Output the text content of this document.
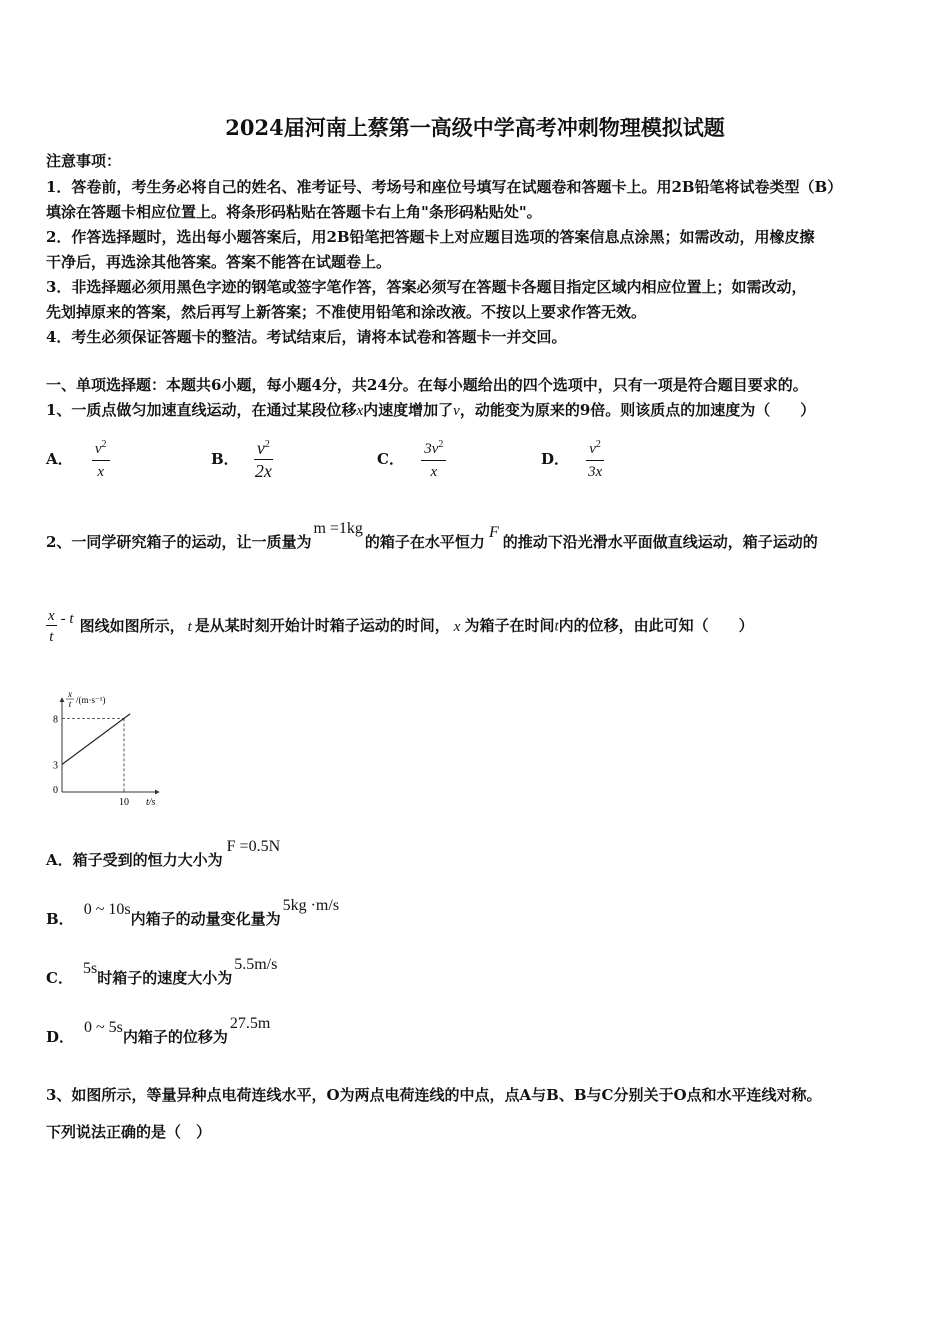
2024届河南上蔡第一高级中学高考冲刺物理模拟试题
注意事项：
1．答卷前，考生务必将自己的姓名、准考证号、考场号和座位号填写在试题卷和答题卡上。用2B铅笔将试卷类型（B）
填涂在答题卡相应位置上。将条形码粘贴在答题卡右上角"条形码粘贴处"。
2．作答选择题时，选出每小题答案后，用2B铅笔把答题卡上对应题目选项的答案信息点涂黑；如需改动，用橡皮擦
干净后，再选涂其他答案。答案不能答在试题卷上。
3．非选择题必须用黑色字迹的钢笔或签字笔作答，答案必须写在答题卡各题目指定区域内相应位置上；如需改动，
先划掉原来的答案，然后再写上新答案；不准使用铅笔和涂改液。不按以上要求作答无效。
4．考生必须保证答题卡的整洁。考试结束后，请将本试卷和答题卡一并交回。
一、单项选择题：本题共6小题，每小题4分，共24分。在每小题给出的四个选项中，只有一项是符合题目要求的。
1、一质点做匀加速直线运动，在通过某段位移x内速度增加了v，动能变为原来的9倍。则该质点的加速度为（　　）
A． $\frac{v^2}{x}$	B． $\frac{v^2}{2x}$	C． $\frac{3v^2}{x}$	D． $\frac{v^2}{3x}$
2、一同学研究箱子的运动，让一质量为m =1kg的箱子在水平恒力F的推动下沿光滑水平面做直线运动，箱子运动的
$\frac{x}{t}$ - t 图线如图所示， t 是从某时刻开始计时箱子运动的时间， x 为箱子在时间t内的位移，由此可知（　　）
3
8
10
0
t/s
x
t /(m·s⁻¹)
A．箱子受到的恒力大小为F =0.5N
B．0 ~ 10s内箱子的动量变化量为5kg ·m/s
C．5s时箱子的速度大小为5.5m/s
D．0 ~ 5s内箱子的位移为27.5m
3、如图所示，等量异种点电荷连线水平，O为两点电荷连线的中点，点A与B、B与C分别关于O点和水平连线对称。
下列说法正确的是（　）
